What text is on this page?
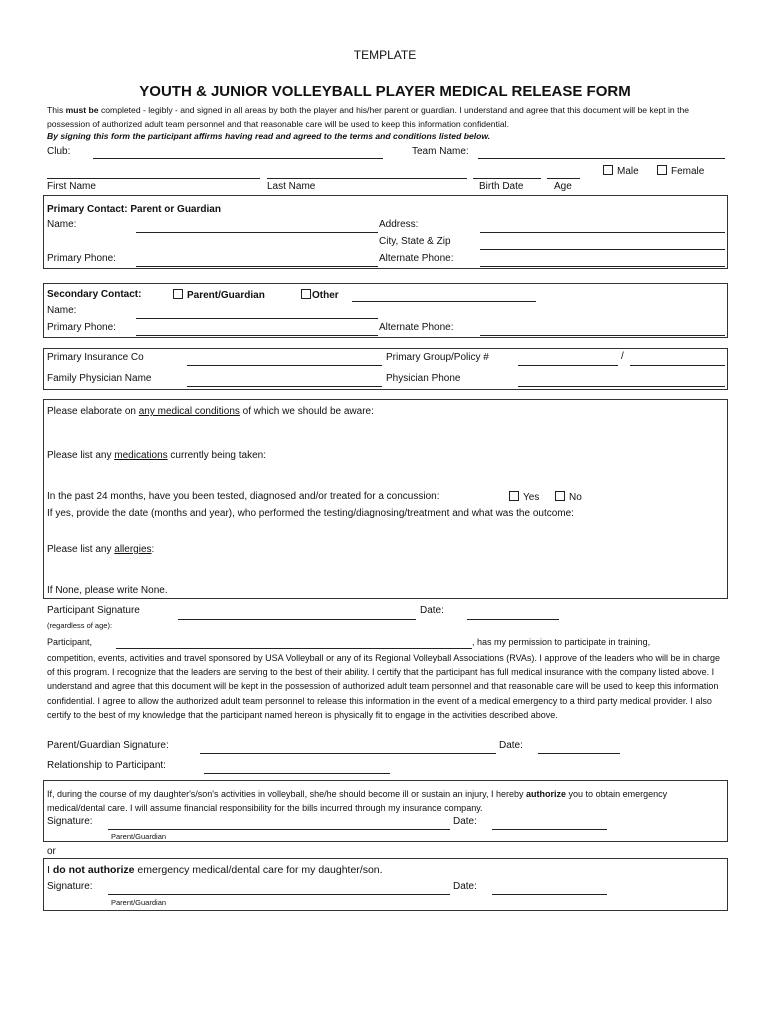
TEMPLATE
YOUTH & JUNIOR VOLLEYBALL PLAYER MEDICAL RELEASE FORM
This must be completed - legibly - and signed in all areas by both the player and his/her parent or guardian. I understand and agree that this document will be kept in the possession of authorized adult team personnel and that reasonable care will be used to keep this information confidential.
By signing this form the participant affirms having read and agreed to the terms and conditions listed below.
Club:	Team Name:
Male	Female
First Name	Last Name	Birth Date	Age
Primary Contact: Parent or Guardian
Name:	Address:
City, State & Zip
Primary Phone:	Alternate Phone:
Secondary Contact:	Parent/Guardian	Other
Name:
Primary Phone:	Alternate Phone:
Primary Insurance Co	Primary Group/Policy #	/
Family Physician Name	Physician Phone
Please elaborate on any medical conditions of which we should be aware:
Please list any medications currently being taken:
In the past 24 months, have you been tested, diagnosed and/or treated for a concussion:	Yes	No
If yes, provide the date (months and year), who performed the testing/diagnosing/treatment and what was the outcome:
Please list any allergies:
If None, please write None.
Participant Signature	Date:
(regardless of age):
Participant,	, has my permission to participate in training,
competition, events, activities and travel sponsored by USA Volleyball or any of its Regional Volleyball Associations (RVAs). I approve of the leaders who will be in charge of this program. I recognize that the leaders are serving to the best of their ability. I certify that the participant has full medical insurance with the company listed above. I understand and agree that this document will be kept in the possession of authorized adult team personnel and that reasonable care will be used to keep this information confidential. I agree to allow the authorized adult team personnel to release this information in the event of a medical emergency to a third party medical provider. I also certify to the best of my knowledge that the participant named hereon is physically fit to engage in the activities described above.
Parent/Guardian Signature:	Date:
Relationship to Participant:
If, during the course of my daughter's/son's activities in volleyball, she/he should become ill or sustain an injury, I hereby authorize you to obtain emergency medical/dental care. I will assume financial responsibility for the bills incurred through my insurance company.
Signature:	Date:
Parent/Guardian
or
I do not authorize emergency medical/dental care for my daughter/son.
Signature:	Date:
Parent/Guardian
